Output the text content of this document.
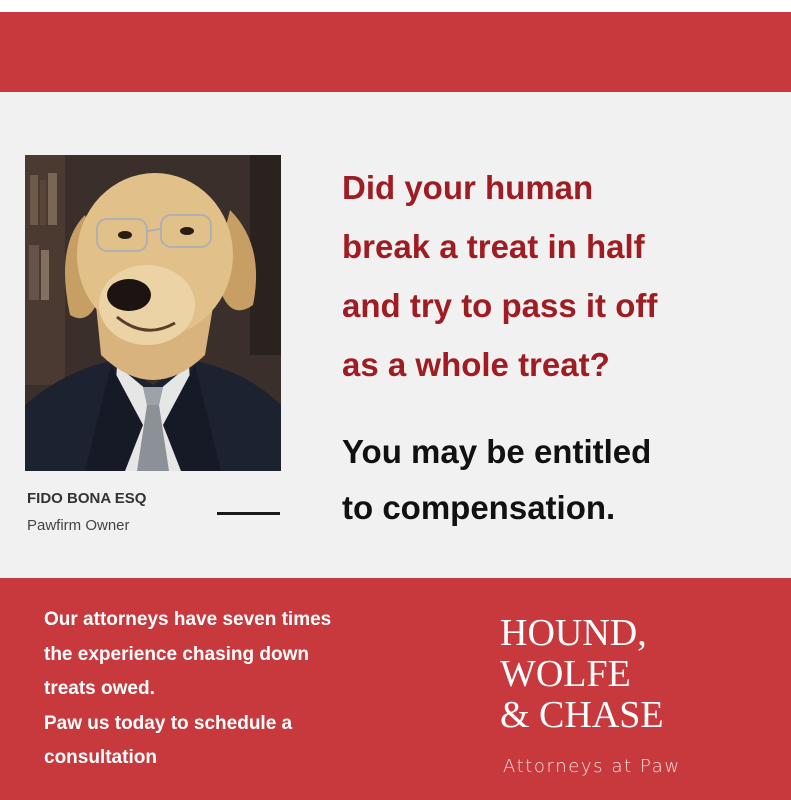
FIDO BONA ESQ
Pawfirm Owner
Did your human
break a treat in half
and try to pass it off
as a whole treat?
You may be entitled
to compensation.
Our attorneys have seven times
the experience chasing down
treats owed.
Paw us today to schedule a
consultation
HOUND,
WOLFE
& CHASE
Attorneys at Paw
